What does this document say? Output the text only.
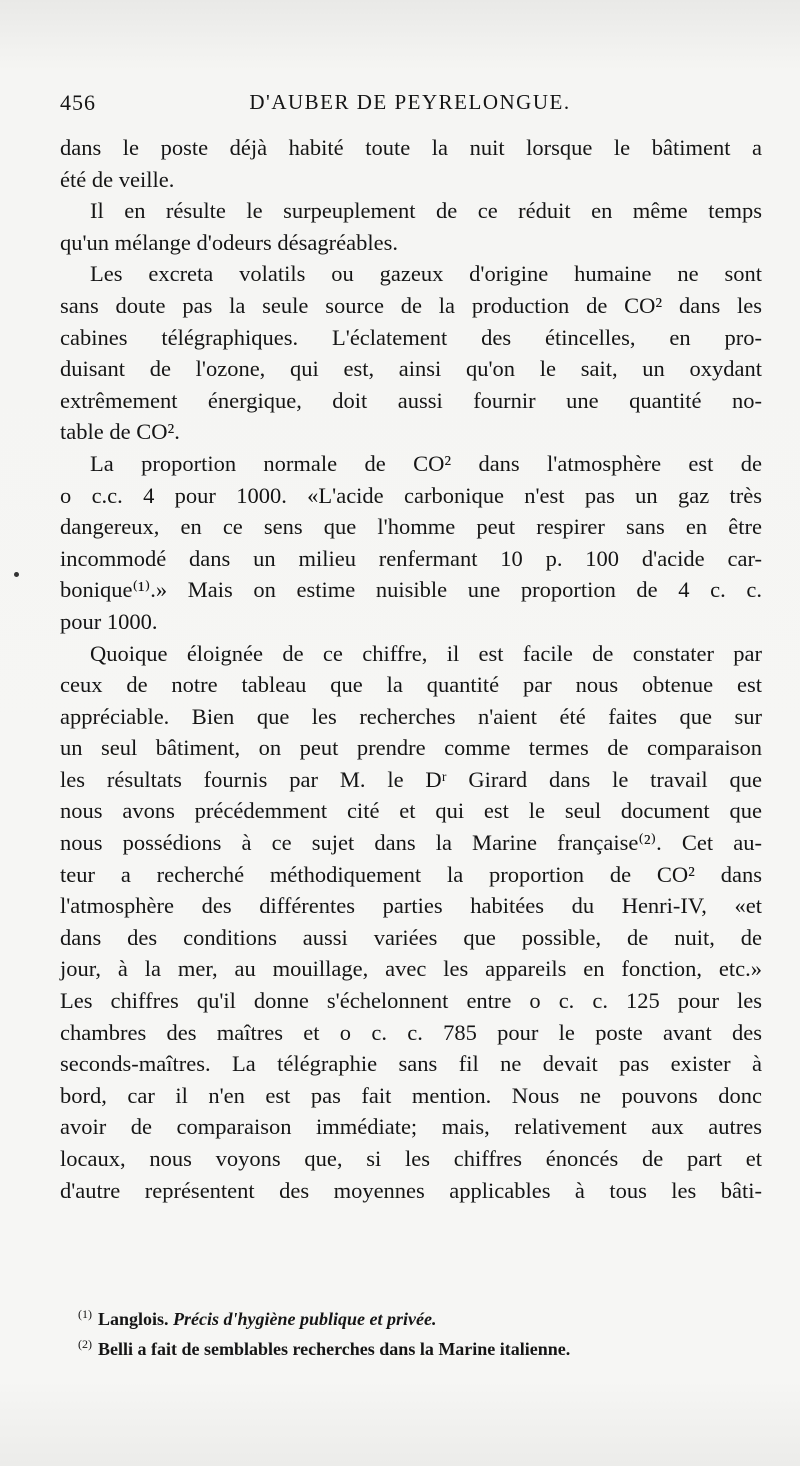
456	D'AUBER DE PEYRELONGUE.
dans le poste déjà habité toute la nuit lorsque le bâtiment a
été de veille.
Il en résulte le surpeuplement de ce réduit en même temps
qu'un mélange d'odeurs désagréables.
Les excreta volatils ou gazeux d'origine humaine ne sont
sans doute pas la seule source de la production de CO² dans les
cabines télégraphiques. L'éclatement des étincelles, en pro-
duisant de l'ozone, qui est, ainsi qu'on le sait, un oxydant
extrêmement énergique, doit aussi fournir une quantité no-
table de CO².
La proportion normale de CO² dans l'atmosphère est de
o c.c. 4 pour 1000. «L'acide carbonique n'est pas un gaz très
dangereux, en ce sens que l'homme peut respirer sans en être
incommodé dans un milieu renfermant 10 p. 100 d'acide car-
bonique⁽¹⁾.» Mais on estime nuisible une proportion de 4 c. c.
pour 1000.
Quoique éloignée de ce chiffre, il est facile de constater par
ceux de notre tableau que la quantité par nous obtenue est
appréciable. Bien que les recherches n'aient été faites que sur
un seul bâtiment, on peut prendre comme termes de comparaison
les résultats fournis par M. le Dʳ Girard dans le travail que
nous avons précédemment cité et qui est le seul document que
nous possédions à ce sujet dans la Marine française⁽²⁾. Cet au-
teur a recherché méthodiquement la proportion de CO² dans
l'atmosphère des différentes parties habitées du Henri-IV, «et
dans des conditions aussi variées que possible, de nuit, de
jour, à la mer, au mouillage, avec les appareils en fonction, etc.»
Les chiffres qu'il donne s'échelonnent entre o c. c. 125 pour les
chambres des maîtres et o c. c. 785 pour le poste avant des
seconds-maîtres. La télégraphie sans fil ne devait pas exister à
bord, car il n'en est pas fait mention. Nous ne pouvons donc
avoir de comparaison immédiate; mais, relativement aux autres
locaux, nous voyons que, si les chiffres énoncés de part et
d'autre représentent des moyennes applicables à tous les bâti-
$^{(1)}$ Langlois. Précis d'hygiène publique et privée.
$^{(2)}$ Belli a fait de semblables recherches dans la Marine italienne.
